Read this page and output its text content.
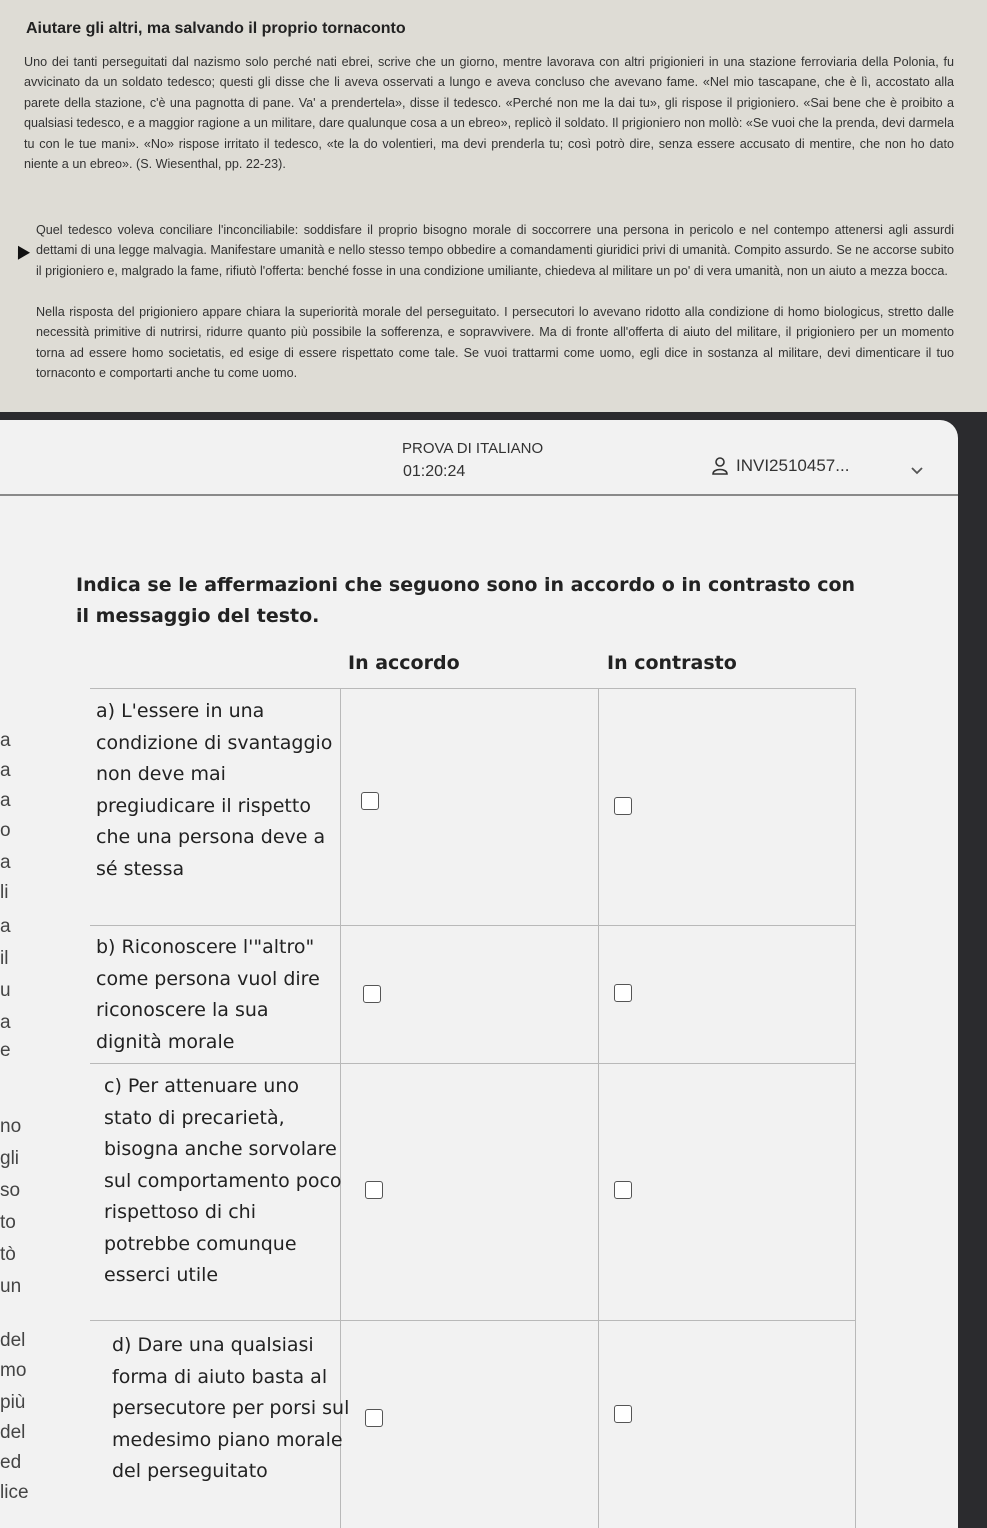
Aiutare gli altri, ma salvando il proprio tornaconto
Uno dei tanti perseguitati dal nazismo solo perché nati ebrei, scrive che un giorno, mentre lavorava con altri prigionieri in una stazione ferroviaria della Polonia, fu avvicinato da un soldato tedesco; questi gli disse che li aveva osservati a lungo e aveva concluso che avevano fame. «Nel mio tascapane, che è lì, accostato alla parete della stazione, c'è una pagnotta di pane. Va' a prendertela», disse il tedesco. «Perché non me la dai tu», gli rispose il prigioniero. «Sai bene che è proibito a qualsiasi tedesco, e a maggior ragione a un militare, dare qualunque cosa a un ebreo», replicò il soldato. Il prigioniero non mollò: «Se vuoi che la prenda, devi darmela tu con le tue mani». «No» rispose irritato il tedesco, «te la do volentieri, ma devi prenderla tu; così potrò dire, senza essere accusato di mentire, che non ho dato niente a un ebreo». (S. Wiesenthal, pp. 22-23).
Quel tedesco voleva conciliare l'inconciliabile: soddisfare il proprio bisogno morale di soccorrere una persona in pericolo e nel contempo attenersi agli assurdi dettami di una legge malvagia. Manifestare umanità e nello stesso tempo obbedire a comandamenti giuridici privi di umanità. Compito assurdo. Se ne accorse subito il prigioniero e, malgrado la fame, rifiutò l'offerta: benché fosse in una condizione umiliante, chiedeva al militare un po' di vera umanità, non un aiuto a mezza bocca.
Nella risposta del prigioniero appare chiara la superiorità morale del perseguitato. I persecutori lo avevano ridotto alla condizione di homo biologicus, stretto dalle necessità primitive di nutrirsi, ridurre quanto più possibile la sofferenza, e sopravvivere. Ma di fronte all'offerta di aiuto del militare, il prigioniero per un momento torna ad essere homo societatis, ed esige di essere rispettato come tale. Se vuoi trattarmi come uomo, egli dice in sostanza al militare, devi dimenticare il tuo tornaconto e comportarti anche tu come uomo.
PROVA DI ITALIANO
01:20:24	INVI2510457...
a
a
a
o
a
li
a
il
u
a
e
no
gli
so
to
tò
un
del
mo
più
del
ed
lice
Indica se le affermazioni che seguono sono in accordo o in contrasto con il messaggio del testo.
In accordo	In contrasto
a) L'essere in una condizione di svantaggio non deve mai pregiudicare il rispetto che una persona deve a sé stessa
b) Riconoscere l'"altro" come persona vuol dire riconoscere la sua dignità morale
c) Per attenuare uno stato di precarietà, bisogna anche sorvolare sul comportamento poco rispettoso di chi potrebbe comunque esserci utile
d) Dare una qualsiasi forma di aiuto basta al persecutore per porsi sul medesimo piano morale del perseguitato
